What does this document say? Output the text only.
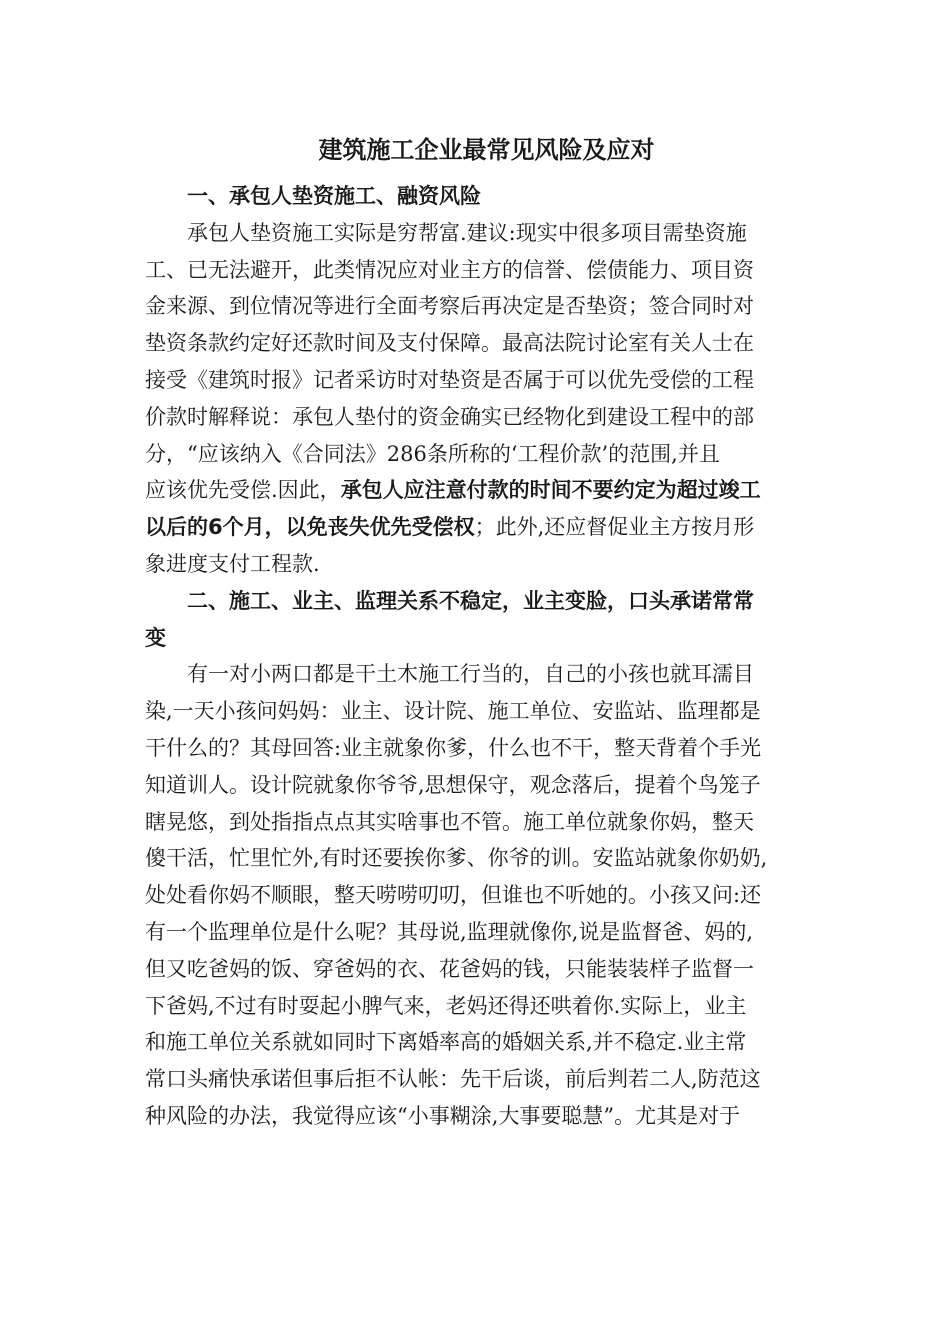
建筑施工企业最常见风险及应对
一、承包人垫资施工、融资风险
承包人垫资施工实际是穷帮富.建议:现实中很多项目需垫资施
工、已无法避开，此类情况应对业主方的信誉、偿债能力、项目资
金来源、到位情况等进行全面考察后再决定是否垫资；签合同时对
垫资条款约定好还款时间及支付保障。最高法院讨论室有关人士在
接受《建筑时报》记者采访时对垫资是否属于可以优先受偿的工程
价款时解释说：承包人垫付的资金确实已经物化到建设工程中的部
分，“应该纳入《合同法》286条所称的‘工程价款’的范围,并且
应该优先受偿.因此，承包人应注意付款的时间不要约定为超过竣工
以后的6个月，以免丧失优先受偿权；此外,还应督促业主方按月形
象进度支付工程款.
二、施工、业主、监理关系不稳定，业主变脸，口头承诺常常
变
有一对小两口都是干土木施工行当的，自己的小孩也就耳濡目
染,一天小孩问妈妈：业主、设计院、施工单位、安监站、监理都是
干什么的？其母回答:业主就象你爹，什么也不干，整天背着个手光
知道训人。设计院就象你爷爷,思想保守，观念落后，提着个鸟笼子
瞎晃悠，到处指指点点其实啥事也不管。施工单位就象你妈，整天
傻干活，忙里忙外,有时还要挨你爹、你爷的训。安监站就象你奶奶,
处处看你妈不顺眼，整天唠唠叨叨，但谁也不听她的。小孩又问:还
有一个监理单位是什么呢？其母说,监理就像你,说是监督爸、妈的,
但又吃爸妈的饭、穿爸妈的衣、花爸妈的钱，只能装装样子监督一
下爸妈,不过有时耍起小脾气来，老妈还得还哄着你.实际上，业主
和施工单位关系就如同时下离婚率高的婚姻关系,并不稳定.业主常
常口头痛快承诺但事后拒不认帐：先干后谈，前后判若二人,防范这
种风险的办法，我觉得应该“小事糊涂,大事要聪慧”。尤其是对于
